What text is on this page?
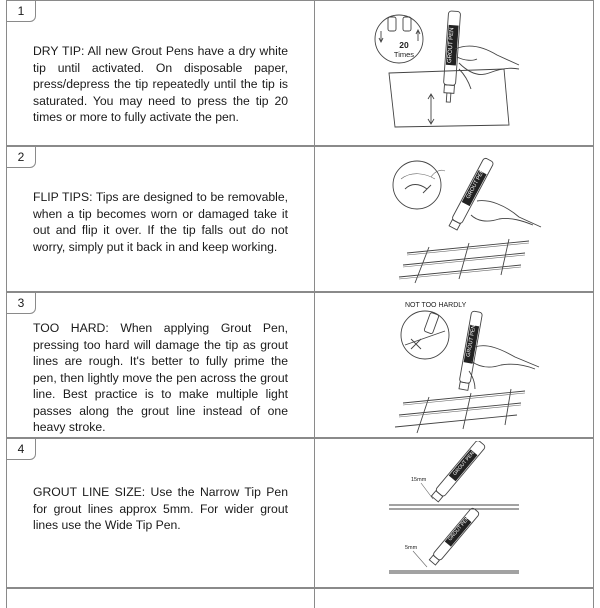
1
DRY TIP: All new Grout Pens have a dry white tip until activated. On disposable paper, press/depress the tip repeatedly until the tip is saturated. You may need to press the tip 20 times or more to fully activate the pen.
20
Times	GROUT PEN
2
FLIP TIPS: Tips are designed to be removable, when a tip becomes worn or damaged take it out and flip it over. If the tip falls out do not worry, simply put it back in and keep working.
GROUT PEN
3
TOO HARD: When applying Grout Pen, pressing too hard will damage the tip as grout lines are rough. It's better to fully prime the pen, then lightly move the pen across the grout line. Best practice is to make multiple light passes along the grout line instead of one heavy stroke.
NOT TOO HARDLY
GROUT PEN
4
GROUT LINE SIZE: Use the Narrow Tip Pen for grout lines approx 5mm. For wider grout lines use the Wide Tip Pen.
15mm
GROUT PEN
5mm
GROUT PEN
